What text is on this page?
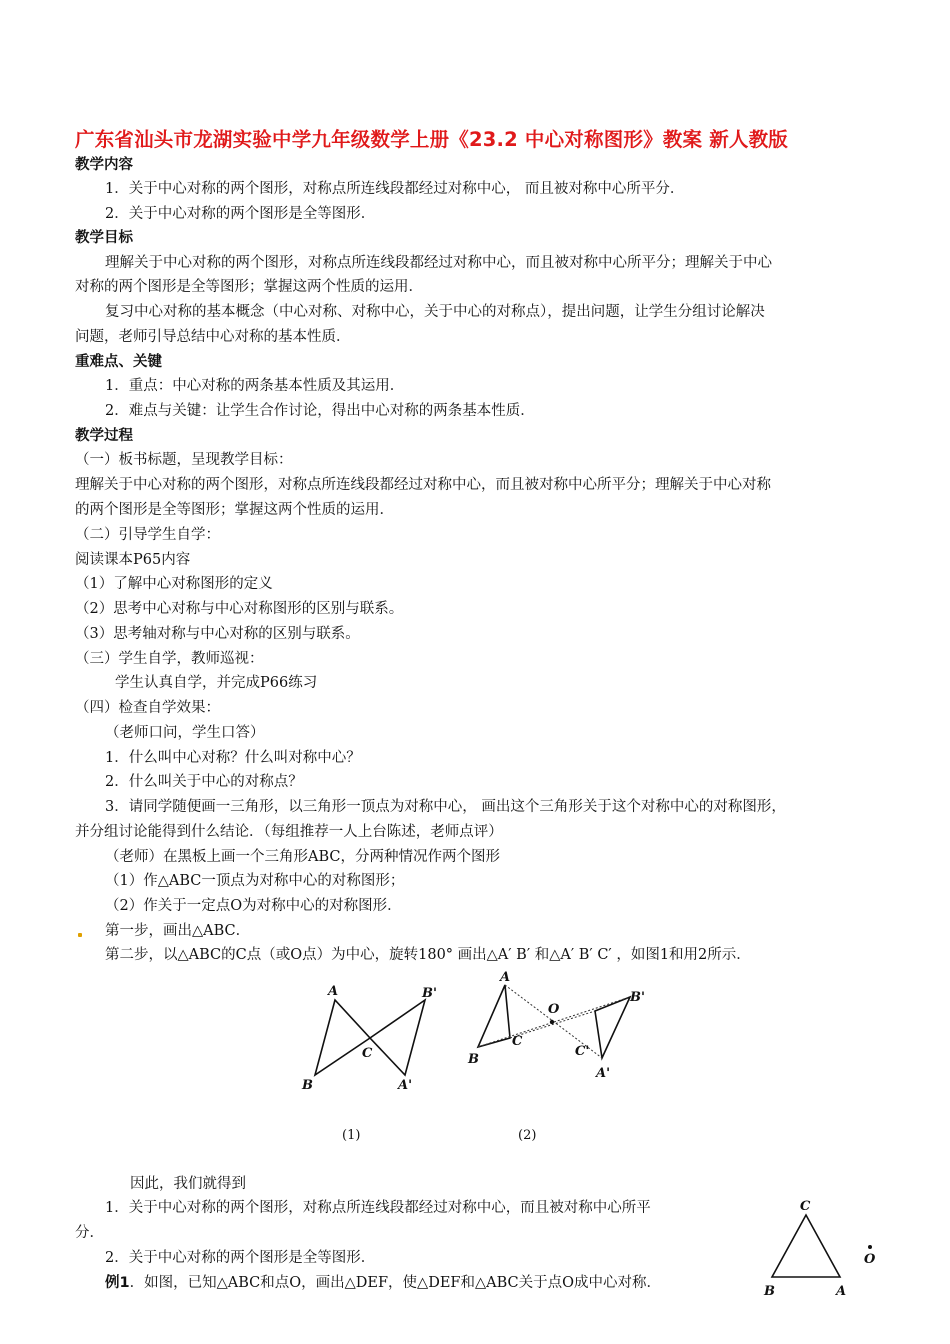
广东省汕头市龙湖实验中学九年级数学上册《23.2 中心对称图形》教案 新人教版
教学内容
1．关于中心对称的两个图形，对称点所连线段都经过对称中心， 而且被对称中心所平分．
2．关于中心对称的两个图形是全等图形．
教学目标
理解关于中心对称的两个图形，对称点所连线段都经过对称中心，而且被对称中心所平分；理解关于中心
对称的两个图形是全等图形；掌握这两个性质的运用．
复习中心对称的基本概念（中心对称、对称中心，关于中心的对称点），提出问题，让学生分组讨论解决
问题，老师引导总结中心对称的基本性质．
重难点、关键
1．重点：中心对称的两条基本性质及其运用．
2．难点与关键：让学生合作讨论，得出中心对称的两条基本性质．
教学过程
（一）板书标题，呈现教学目标：
理解关于中心对称的两个图形，对称点所连线段都经过对称中心，而且被对称中心所平分；理解关于中心对称
的两个图形是全等图形；掌握这两个性质的运用．
（二）引导学生自学：
阅读课本P65内容
（1）了解中心对称图形的定义
（2）思考中心对称与中心对称图形的区别与联系。
（3）思考轴对称与中心对称的区别与联系。
（三）学生自学，教师巡视：
学生认真自学，并完成P66练习
（四）检查自学效果：
（老师口问，学生口答）
1．什么叫中心对称？什么叫对称中心？
2．什么叫关于中心的对称点？
3．请同学随便画一三角形，以三角形一顶点为对称中心， 画出这个三角形关于这个对称中心的对称图形，
并分组讨论能得到什么结论．（每组推荐一人上台陈述，老师点评）
（老师）在黑板上画一个三角形ABC，分两种情况作两个图形
（1）作△ABC一顶点为对称中心的对称图形；
（2）作关于一定点O为对称中心的对称图形．
第一步，画出△ABC．
第二步，以△ABC的C点（或O点）为中心，旋转180° 画出△A′ B′ 和△A′ B′ C′ ，如图1和用2所示．
A
B
C
B'
A'
(1)
A
B
C
O
C'
B'
A'
(2)
因此，我们就得到
1．关于中心对称的两个图形，对称点所连线段都经过对称中心，而且被对称中心所平
分．
2．关于中心对称的两个图形是全等图形．
例1．如图，已知△ABC和点O，画出△DEF，使△DEF和△ABC关于点O成中心对称．
C
B	A
O
